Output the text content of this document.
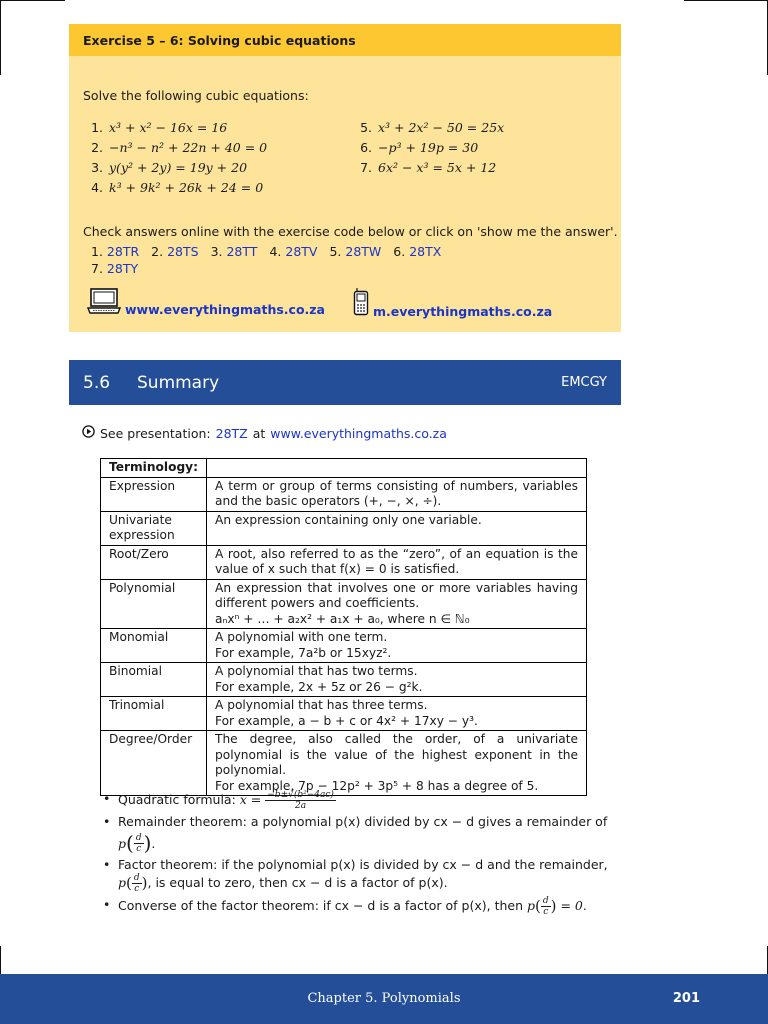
Exercise 5 – 6: Solving cubic equations
Solve the following cubic equations:
1. x³ + x² − 16x = 16
2. −n³ − n² + 22n + 40 = 0
3. y(y² + 2y) = 19y + 20
4. k³ + 9k² + 26k + 24 = 0
5. x³ + 2x² − 50 = 25x
6. −p³ + 19p = 30
7. 6x² − x³ = 5x + 12
Check answers online with the exercise code below or click on 'show me the answer'.
1. 28TR 2. 28TS 3. 28TT 4. 28TV 5. 28TW 6. 28TX
7. 28TY
www.everythingmaths.co.za	m.everythingmaths.co.za
5.6	Summary	EMCGY
See presentation: 28TZ at www.everythingmaths.co.za
Terminology:	
Expression	A term or group of terms consisting of numbers, variables and the basic operators (+, −, ×, ÷).

Univariate expression	An expression containing only one variable.

Root/Zero	A root, also referred to as the “zero”, of an equation is the value of x such that f(x) = 0 is satisfied.

Polynomial	An expression that involves one or more variables having different powers and coefficients.
aₙxⁿ + … + a₂x² + a₁x + a₀, where n ∈ ℕ₀

Monomial	A polynomial with one term.
For example, 7a²b or 15xyz².

Binomial	A polynomial that has two terms.
For example, 2x + 5z or 26 − g²k.

Trinomial	A polynomial that has three terms.
For example, a − b + c or 4x² + 17xy − y³.

Degree/Order	The degree, also called the order, of a univariate polynomial is the value of the highest exponent in the polynomial.
For example, 7p − 12p² + 3p⁵ + 8 has a degree of 5.
• Quadratic formula: $x = \frac{\text{−b±√(b²−4ac)}}{2a}$
• Remainder theorem: a polynomial p(x) divided by cx − d gives a remainder of

p ( $\frac{d}{c}$ ) .
• Factor theorem: if the polynomial p(x) is divided by cx − d and the remainder,
$p( \frac{d}{c}$ ), is equal to zero, then cx − d is a factor of p(x).
• Converse of the factor theorem: if cx − d is a factor of p(x), then $p( \frac{d}{c}$ ) = 0.
Chapter 5. Polynomials	201
